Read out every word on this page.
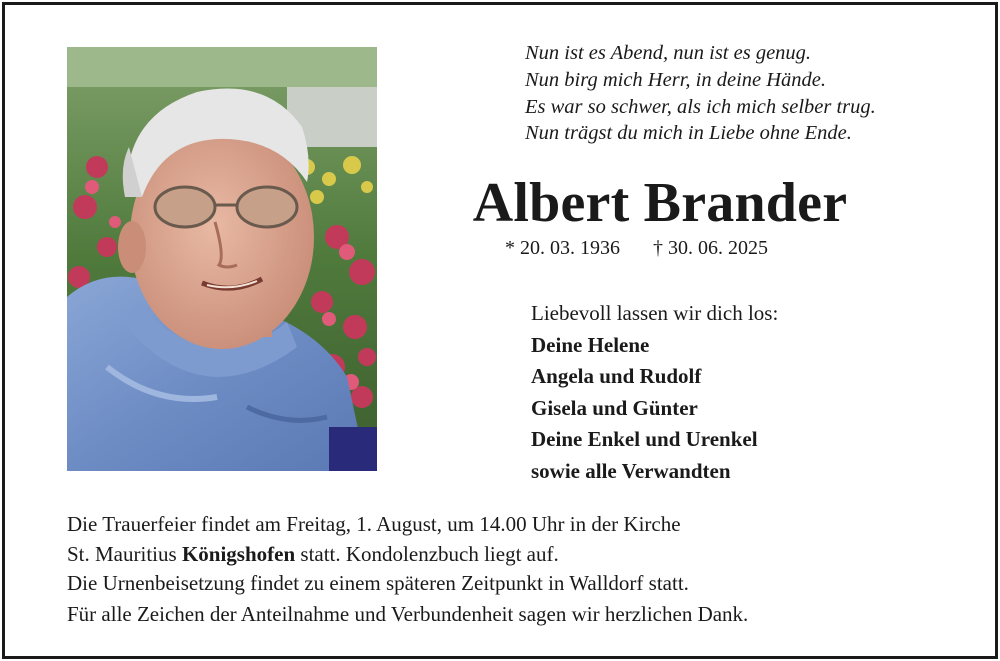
Nun ist es Abend, nun ist es genug.
Nun birg mich Herr, in deine Hände.
Es war so schwer, als ich mich selber trug.
Nun trägst du mich in Liebe ohne Ende.
Albert Brander
* 20. 03. 1936 † 30. 06. 2025
Liebevoll lassen wir dich los:
Deine Helene
Angela und Rudolf
Gisela und Günter
Deine Enkel und Urenkel
sowie alle Verwandten
Die Trauerfeier findet am Freitag, 1. August, um 14.00 Uhr in der Kirche
St. Mauritius Königshofen statt. Kondolenzbuch liegt auf.
Die Urnenbeisetzung findet zu einem späteren Zeitpunkt in Walldorf statt.
Für alle Zeichen der Anteilnahme und Verbundenheit sagen wir herzlichen Dank.
